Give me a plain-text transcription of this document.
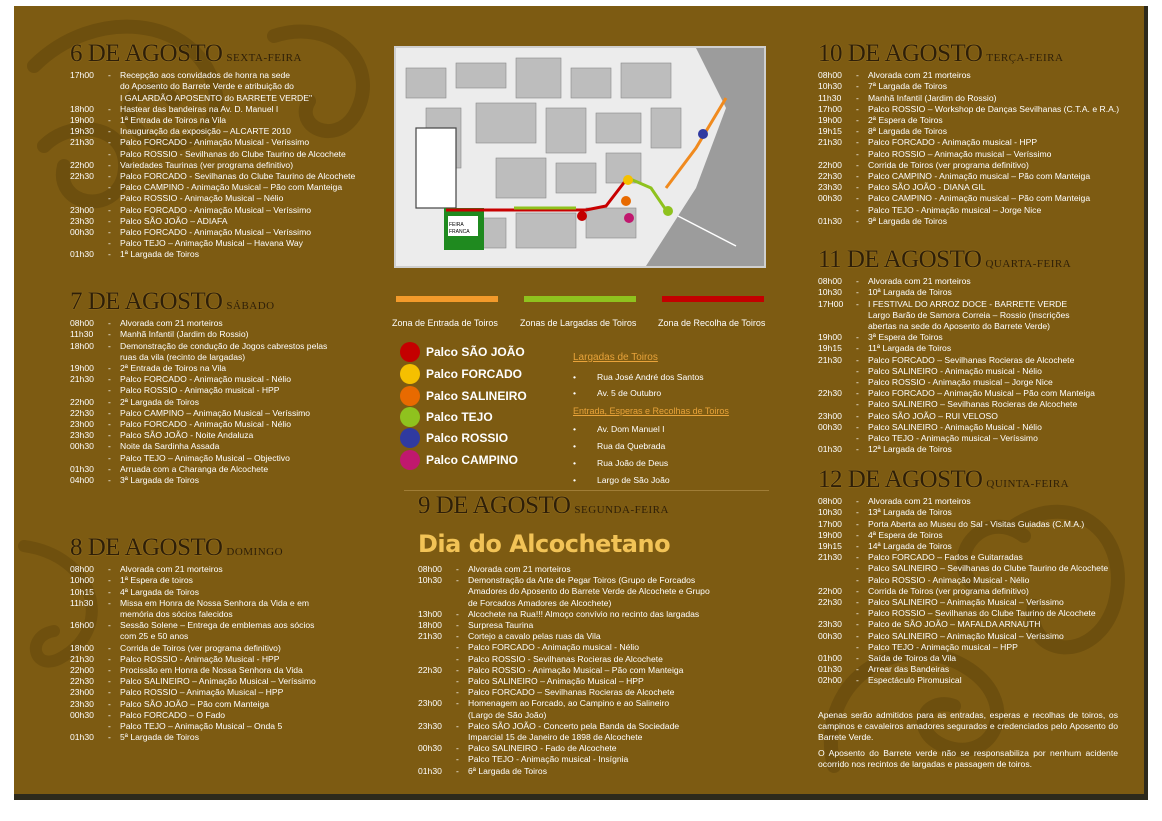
6 DE AGOSTO SEXTA-FEIRA
17h00	-	Recepção aos convidados de honra na sede
do Aposento do Barrete Verde e atribuição do
I GALARDÃO APOSENTO do BARRETE VERDE"
18h00	-	Hastear das bandeiras na Av. D. Manuel I
19h00	-	1ª Entrada de Toiros na Vila
19h30	-	Inauguração da exposição – ALCARTE 2010
21h30	-	Palco FORCADO - Animação Musical - Veríssimo
-	Palco ROSSIO - Sevilhanas do Clube Taurino de Alcochete
22h00	-	Variedades Taurinas (ver programa definitivo)
22h30	-	Palco FORCADO - Sevilhanas do Clube Taurino de Alcochete
-	Palco CAMPINO - Animação Musical – Pão com Manteiga
-	Palco ROSSIO - Animação Musical – Nélio
23h00	-	Palco FORCADO - Animação Musical – Veríssimo
23h30	-	Palco SÃO JOÃO – ADIAFA
00h30	-	Palco FORCADO - Animação Musical – Veríssimo
-	Palco TEJO – Animação Musical – Havana Way
01h30	-	1ª Largada de Toiros
7 DE AGOSTO SÁBADO
08h00	-	Alvorada com 21 morteiros
11h30	-	Manhã Infantil (Jardim do Rossio)
18h00	-	Demonstração de condução de Jogos cabrestos pelas
ruas da vila (recinto de largadas)
19h00	-	2ª Entrada de Toiros na Vila
21h30	-	Palco FORCADO - Animação musical - Nélio
-	Palco ROSSIO - Animação musical - HPP
22h00	-	2ª Largada de Toiros
22h30	-	Palco CAMPINO – Animação Musical – Veríssimo
23h00	-	Palco FORCADO - Animação Musical - Nélio
23h30	-	Palco SÃO JOÃO - Noite Andaluza
00h30	-	Noite da Sardinha Assada
-	Palco TEJO – Animação Musical – Objectivo
01h30	-	Arruada com a Charanga de Alcochete
04h00	-	3ª Largada de Toiros
8 DE AGOSTO DOMINGO
08h00	-	Alvorada com 21 morteiros
10h00	-	1ª Espera de toiros
10h15	-	4ª Largada de Toiros
11h30	-	Missa em Honra de Nossa Senhora da Vida e em
memória dos sócios falecidos
16h00	-	Sessão Solene – Entrega de emblemas aos sócios
com 25 e 50 anos
18h00	-	Corrida de Toiros (ver programa definitivo)
21h30	-	Palco ROSSIO - Animação Musical - HPP
22h00	-	Procissão em Honra de Nossa Senhora da Vida
22h30	-	Palco SALINEIRO – Animação Musical – Veríssimo
23h00	-	Palco ROSSIO – Animação Musical – HPP
23h30	-	Palco SÃO JOÃO – Pão com Manteiga
00h30	-	Palco FORCADO – O Fado
-	Palco TEJO – Animação Musical – Onda 5
01h30	-	5ª Largada de Toiros
FEIRA
FRANCA
Zona de Entrada de Toiros Zonas de Largadas de Toiros Zona de Recolha de Toiros
Palco SÃO JOÃO
Palco FORCADO
Palco SALINEIRO
Palco TEJO
Palco ROSSIO
Palco CAMPINO
Largadas de Toiros
• Rua José André dos Santos
• Av. 5 de Outubro
Entrada, Esperas e Recolhas de Toiros
• Av. Dom Manuel I
• Rua da Quebrada
• Rua João de Deus
• Largo de São João
9 DE AGOSTO SEGUNDA-FEIRA
Dia do Alcochetano
08h00	-	Alvorada com 21 morteiros
10h30	-	Demonstração da Arte de Pegar Toiros (Grupo de Forcados
Amadores do Aposento do Barrete Verde de Alcochete e Grupo
de Forcados Amadores de Alcochete)
13h00	-	Alcochete na Rua!!! Almoço convívio no recinto das largadas
18h00	-	Surpresa Taurina
21h30	-	Cortejo a cavalo pelas ruas da Vila
-	Palco FORCADO - Animação musical - Nélio
-	Palco ROSSIO - Sevilhanas Rocieras de Alcochete
22h30	-	Palco ROSSIO - Animação Musical – Pão com Manteiga
-	Palco SALINEIRO – Animação Musical – HPP
-	Palco FORCADO – Sevilhanas Rocieras de Alcochete
23h00	-	Homenagem ao Forcado, ao Campino e ao Salineiro
(Largo de São João)
23h30	-	Palco SÃO JOÃO - Concerto pela Banda da Sociedade
Imparcial 15 de Janeiro de 1898 de Alcochete
00h30	-	Palco SALINEIRO - Fado de Alcochete
-	Palco TEJO - Animação musical - Insígnia
01h30	-	6ª Largada de Toiros
10 DE AGOSTO TERÇA-FEIRA
08h00	-	Alvorada com 21 morteiros
10h30	-	7ª Largada de Toiros
11h30	-	Manhã Infantil (Jardim do Rossio)
17h00	-	Palco ROSSIO – Workshop de Danças Sevilhanas (C.T.A. e R.A.)
19h00	-	2ª Espera de Toiros
19h15	-	8ª Largada de Toiros
21h30	-	Palco FORCADO - Animação musical - HPP
-	Palco ROSSIO – Animação musical – Veríssimo
22h00	-	Corrida de Toiros (ver programa definitivo)
22h30	-	Palco CAMPINO - Animação musical – Pão com Manteiga
23h30	-	Palco SÃO JOÃO - DIANA GIL
00h30	-	Palco CAMPINO - Animação musical – Pão com Manteiga
-	Palco TEJO - Animação musical – Jorge Nice
01h30	-	9ª Largada de Toiros
11 DE AGOSTO QUARTA-FEIRA
08h00	-	Alvorada com 21 morteiros
10h30	-	10ª Largada de Toiros
17H00	-	I FESTIVAL DO ARROZ DOCE - BARRETE VERDE
Largo Barão de Samora Correia – Rossio (inscrições
abertas na sede do Aposento do Barrete Verde)
19h00	-	3ª Espera de Toiros
19h15	-	11ª Largada de Toiros
21h30	-	Palco FORCADO – Sevilhanas Rocieras de Alcochete
-	Palco SALINEIRO - Animação musical - Nélio
-	Palco ROSSIO - Animação musical – Jorge Nice
22h30	-	Palco FORCADO – Animação Musical – Pão com Manteiga
-	Palco SALINEIRO – Sevilhanas Rocieras de Alcochete
23h00	-	Palco SÃO JOÃO – RUI VELOSO
00h30	-	Palco SALINEIRO - Animação Musical - Nélio
-	Palco TEJO - Animação musical – Veríssimo
01h30	-	12ª Largada de Toiros
12 DE AGOSTO QUINTA-FEIRA
08h00	-	Alvorada com 21 morteiros
10h30	-	13ª Largada de Toiros
17h00	-	Porta Aberta ao Museu do Sal - Visitas Guiadas (C.M.A.)
19h00	-	4ª Espera de Toiros
19h15	-	14ª Largada de Toiros
21h30	-	Palco FORCADO – Fados e Guitarradas
-	Palco SALINEIRO – Sevilhanas do Clube Taurino de Alcochete
-	Palco ROSSIO - Animação Musical - Nélio
22h00	-	Corrida de Toiros (ver programa definitivo)
22h30	-	Palco SALINEIRO – Animação Musical – Veríssimo
-	Palco ROSSIO – Sevilhanas do Clube Taurino de Alcochete
23h30	-	Palco de SÃO JOÃO – MAFALDA ARNAUTH
00h30	-	Palco SALINEIRO – Animação Musical – Veríssimo
-	Palco TEJO - Animação musical – HPP
01h00	-	Saída de Toiros da Vila
01h30	-	Arrear das Bandeiras
02h00	-	Espectáculo Piromusical
Apenas serão admitidos para as entradas, esperas e recolhas de toiros, os campinos e cavaleiros amadores segurados e credenciados pelo Aposento do Barrete Verde.
O Aposento do Barrete verde não se responsabiliza por nenhum acidente ocorrido nos recintos de largadas e passagem de toiros.
